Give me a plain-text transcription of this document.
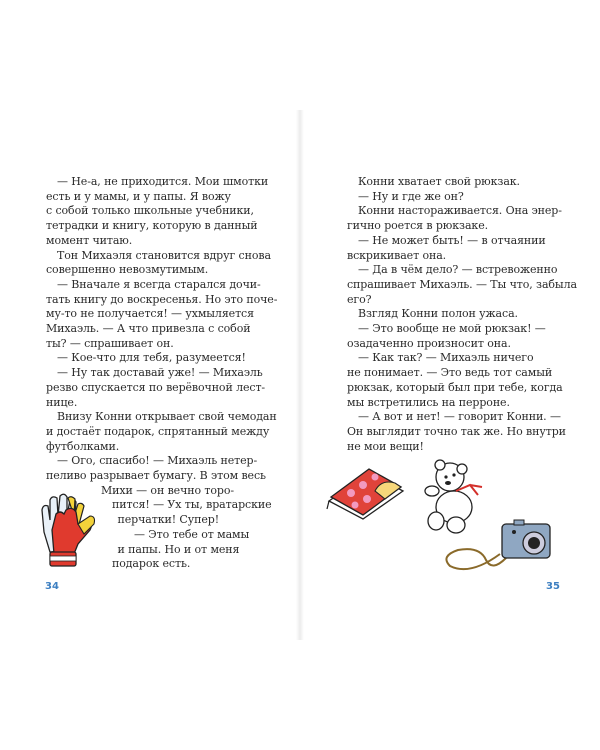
— Не-а, не приходится. Мои шмотки
есть и у мамы, и у папы. Я вожу
с собой только школьные учебники,
тетрадки и книгу, которую в данный
момент читаю.
Тон Михаэля становится вдруг снова
совершенно невозмутимым.
— Вначале я всегда старался дочи-
тать книгу до воскресенья. Но это поче-
му-то не получается! — ухмыляется
Михаэль. — А что привезла с собой
ты? — спрашивает он.
— Кое-что для тебя, разумеется!
— Ну так доставай уже! — Михаэль
резво спускается по верёвочной лест-
нице.
Внизу Конни открывает свой чемодан
и достаёт подарок, спрятанный между
футболками.
— Ого, спасибо! — Михаэль нетер-
пеливо разрывает бумагу. В этом весь
Михи — он вечно торо-
пится! — Ух ты, вратарские
перчатки! Супер!
— Это тебе от мамы
и папы. Но и от меня
подарок есть.
Конни хватает свой рюкзак.
— Ну и где же он?
Конни настораживается. Она энер-
гично роется в рюкзаке.
— Не может быть! — в отчаянии
вскрикивает она.
— Да в чём дело? — встревоженно
спрашивает Михаэль. — Ты что, забыла
его?
Взгляд Конни полон ужаса.
— Это вообще не мой рюкзак! —
озадаченно произносит она.
— Как так? — Михаэль ничего
не понимает. — Это ведь тот самый
рюкзак, который был при тебе, когда
мы встретились на перроне.
— А вот и нет! — говорит Конни. —
Он выглядит точно так же. Но внутри
не мои вещи!
34	35
